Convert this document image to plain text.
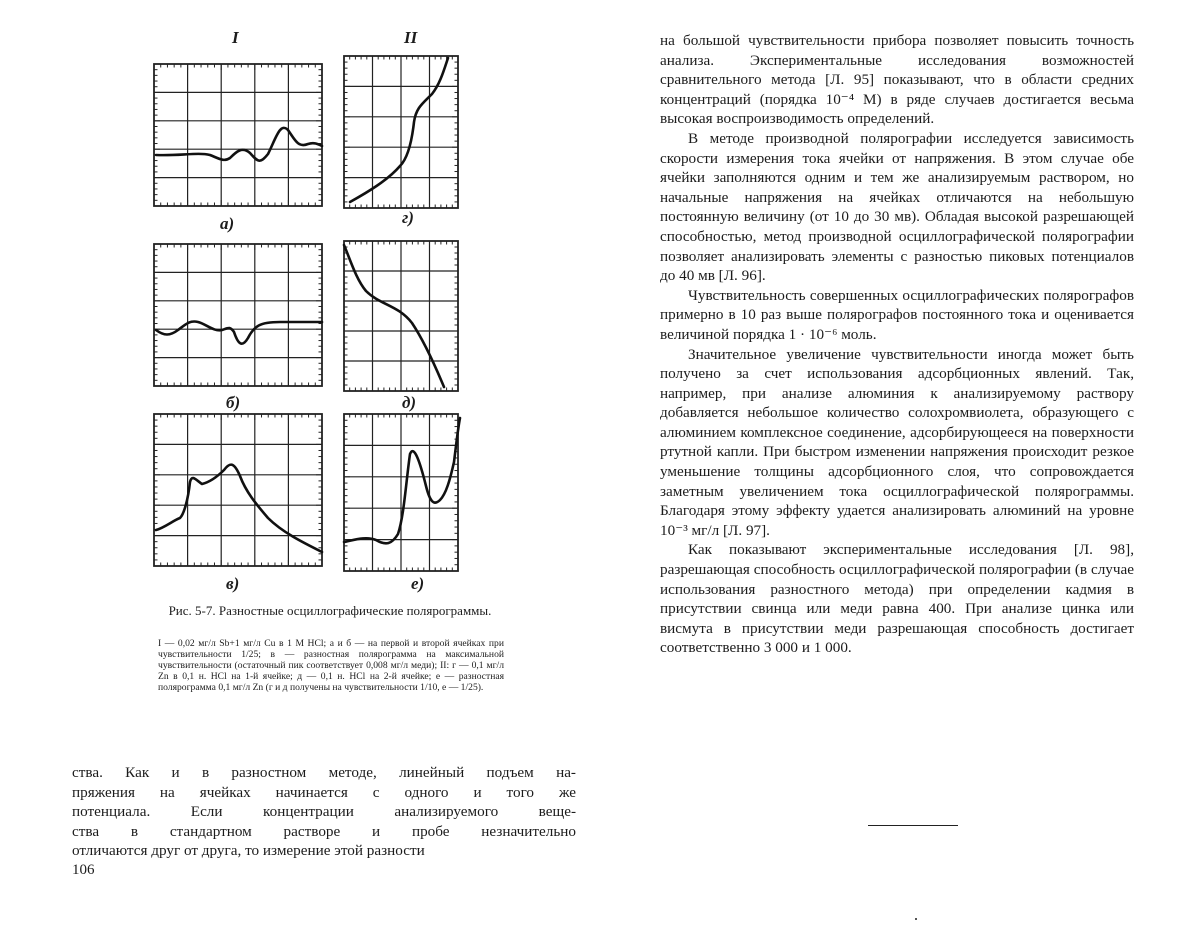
I	II
а)	г)
б)	д)
в)	е)
Рис. 5-7. Разностные осциллографические полярограммы.
I — 0,02 мг/л Sb+1 мг/л Cu в 1 M HCl; а и б — на первой и второй ячейках при чувствительности 1/25; в — разностная полярограмма на максимальной чувствительности (остаточный пик соответствует 0,008 мг/л меди); II: г — 0,1 мг/л Zn в 0,1 н. HCl на 1-й ячейке; д — 0,1 н. HCl на 2-й ячейке; е — разностная полярограмма 0,1 мг/л Zn (г и д получены на чувствительности 1/10, е — 1/25).

ства. Как и в разностном методе, линейный подъем на-

пряжения на ячейках начинается с одного и того же

потенциала. Если концентрации анализируемого веще-

ства в стандартном растворе и пробе незначительно

отличаются друг от друга, то измерение этой разности

106

на большой чувствительности прибора позволяет повысить точность анализа. Экспериментальные исследования возможностей сравнительного метода [Л. 95] показывают, что в области средних концентраций (порядка 10⁻⁴ M) в ряде случаев достигается весьма высокая воспроизводимость определений.

В методе производной полярографии исследуется зависимость скорости измерения тока ячейки от напряжения. В этом случае обе ячейки заполняются одним и тем же анализируемым раствором, но начальные напряжения на ячейках отличаются на небольшую постоянную величину (от 10 до 30 мв). Обладая высокой разрешающей способностью, метод производной осциллографической полярографии позволяет анализировать элементы с разностью пиковых потенциалов до 40 мв [Л. 96].

Чувствительность совершенных осциллографических полярографов примерно в 10 раз выше полярографов постоянного тока и оценивается величиной порядка 1 · 10⁻⁶ моль.

Значительное увеличение чувствительности иногда может быть получено за счет использования адсорбционных явлений. Так, например, при анализе алюминия к анализируемому раствору добавляется небольшое количество солохромвиолета, образующего с алюминием комплексное соединение, адсорбирующееся на поверхности ртутной капли. При быстром изменении напряжения происходит резкое уменьшение толщины адсорбционного слоя, что сопровождается заметным увеличением тока осциллографической полярограммы. Благодаря этому эффекту удается анализировать алюминий на уровне 10⁻³ мг/л [Л. 97].

Как показывают экспериментальные исследования [Л. 98], разрешающая способность осциллографической полярографии (в случае использования разностного метода) при определении кадмия в присутствии свинца или меди равна 400. При анализе цинка или висмута в присутствии меди разрешающая способность достигает соответственно 3 000 и 1 000.
